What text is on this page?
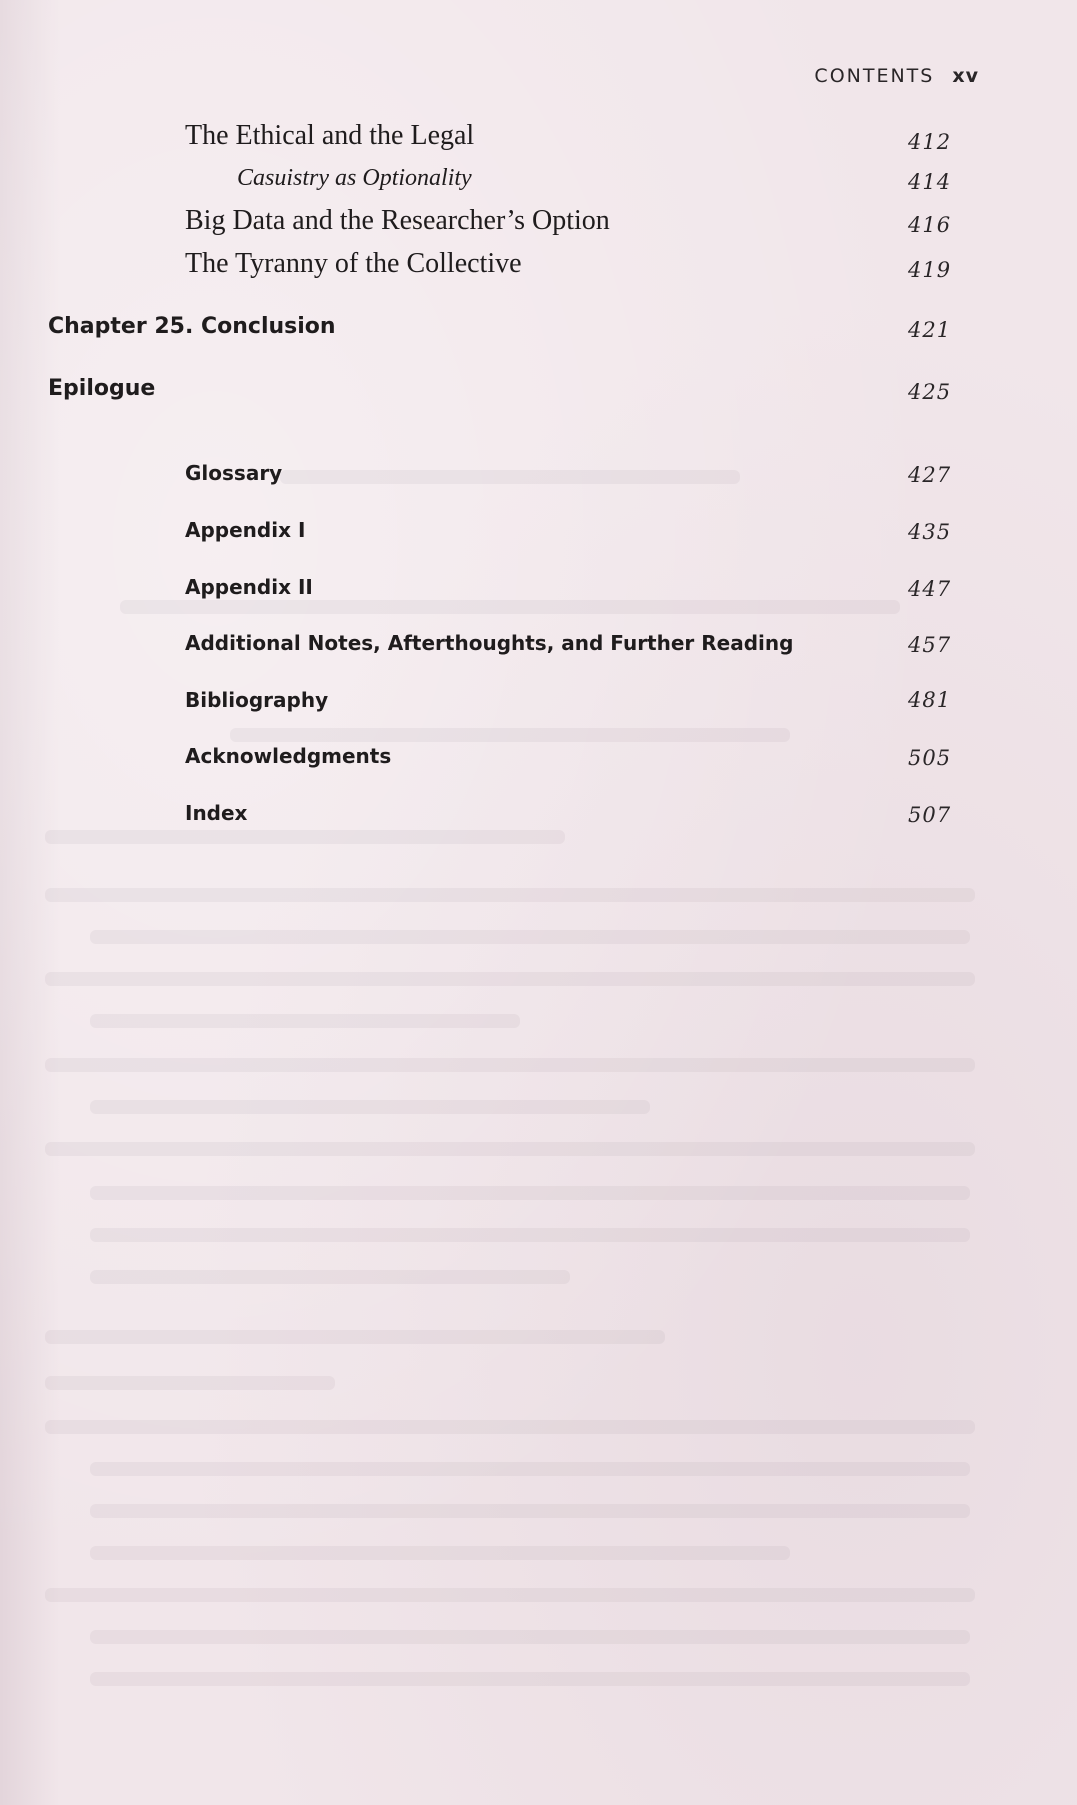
CONTENTS xv
The Ethical and the Legal	412
Casuistry as Optionality	414
Big Data and the Researcher’s Option	416
The Tyranny of the Collective	419
Chapter 25. Conclusion	421
Epilogue	425
Glossary	427
Appendix I	435
Appendix II	447
Additional Notes, Afterthoughts, and Further Reading	457
Bibliography	481
Acknowledgments	505
Index	507
